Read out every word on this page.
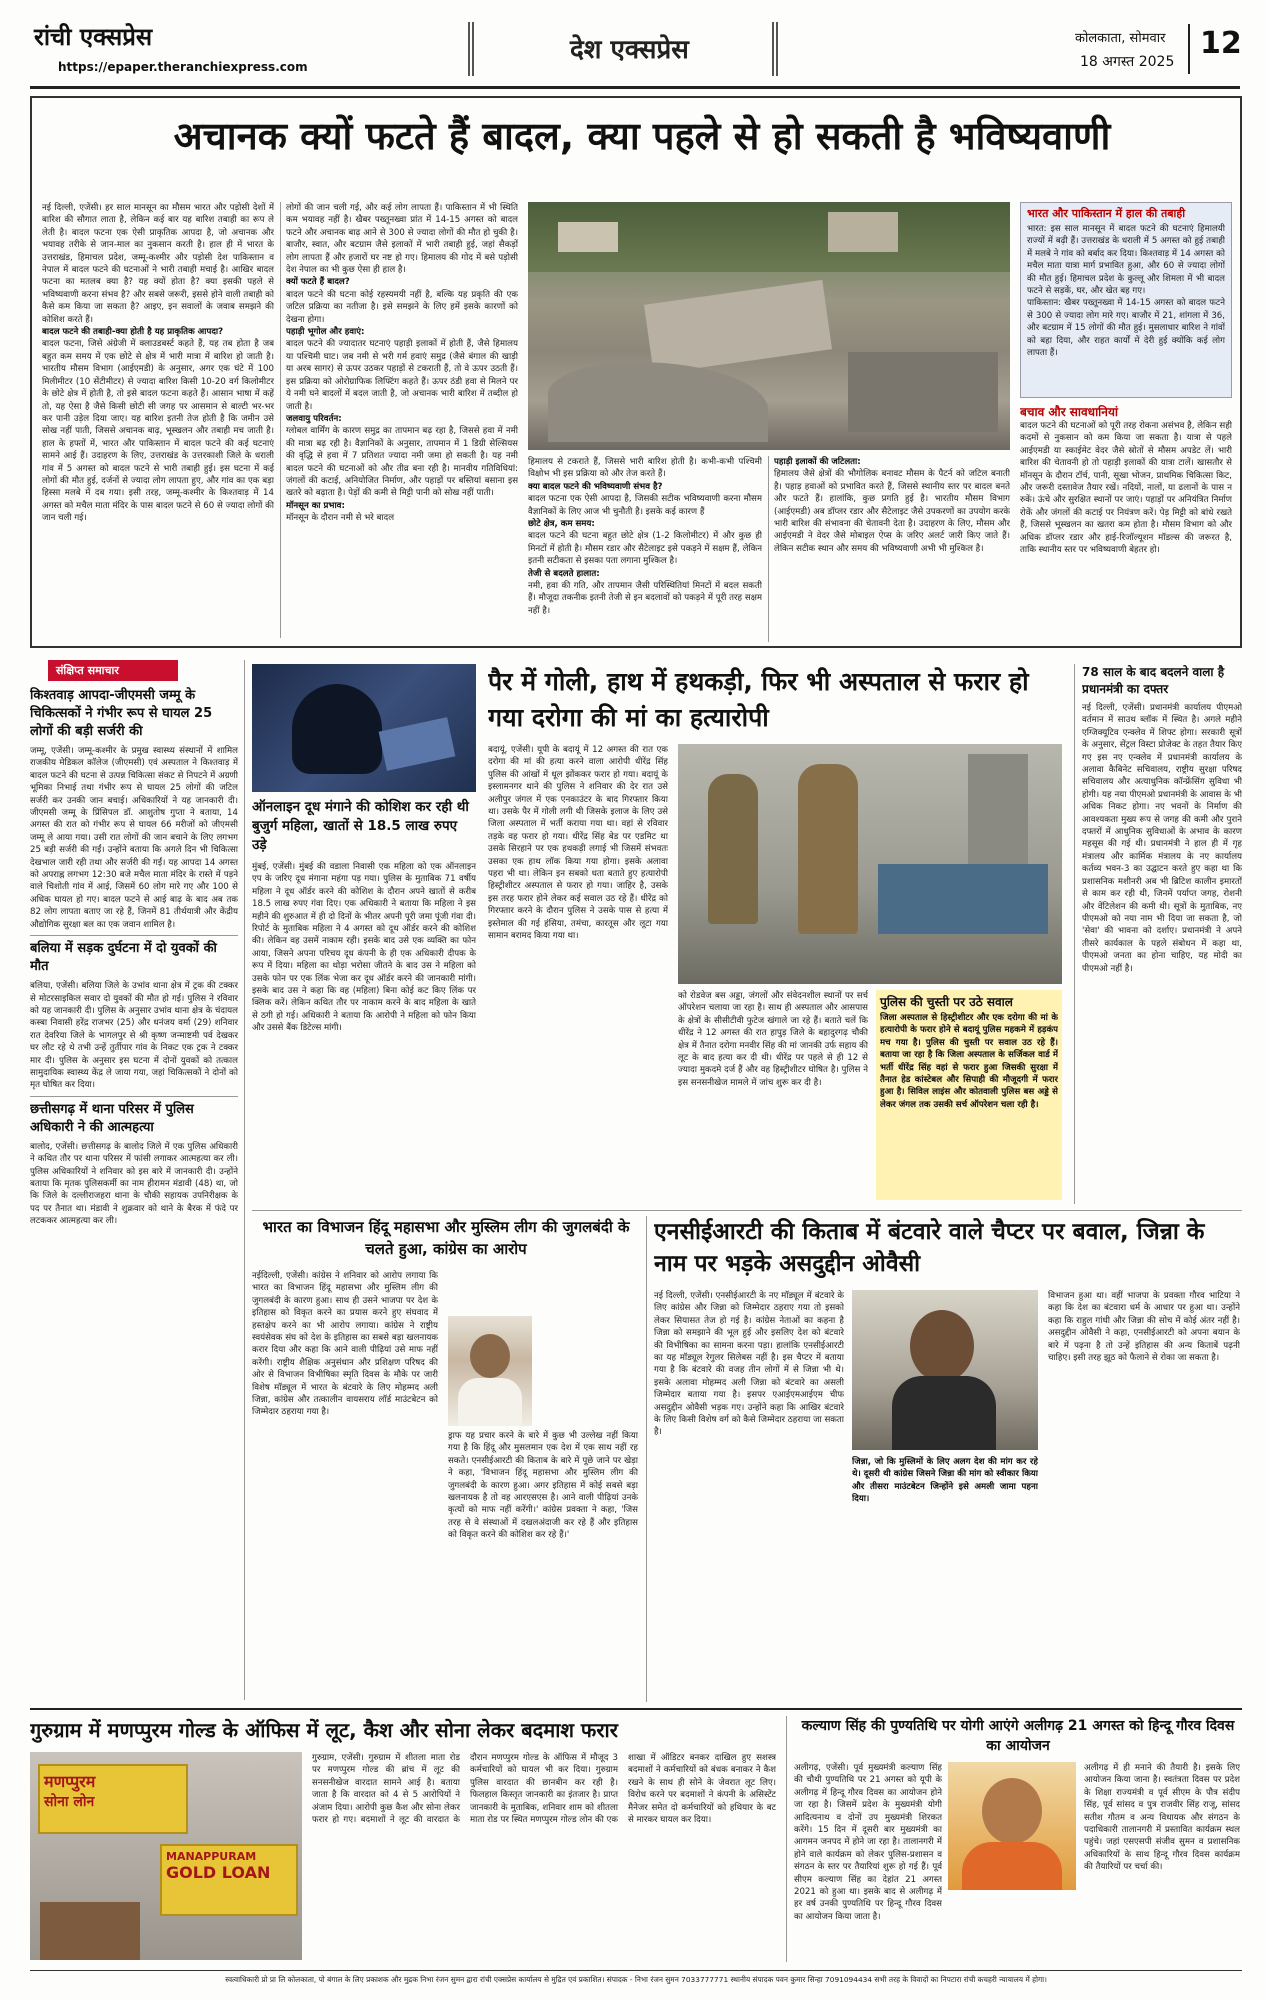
रांची एक्सप्रेस
https://epaper.theranchiexpress.com
देश एक्सप्रेस	कोलकाता, सोमवार
18 अगस्त 2025
12
अचानक क्यों फटते हैं बादल, क्या पहले से हो सकती है भविष्यवाणी
नई दिल्ली, एजेंसी। हर साल मानसून का मौसम भारत और पड़ोसी देशों में बारिश की सौगात लाता है, लेकिन कई बार यह बारिश तबाही का रूप ले लेती है। बादल फटना एक ऐसी प्राकृतिक आपदा है, जो अचानक और भयावह तरीके से जान-माल का नुकसान करती है। हाल ही में भारत के उत्तराखंड, हिमाचल प्रदेश, जम्मू-कश्मीर और पड़ोसी देश पाकिस्तान व नेपाल में बादल फटने की घटनाओं ने भारी तबाही मचाई है। आखिर बादल फटना का मतलब क्या है? यह क्यों होता है? क्या इसकी पहले से भविष्यवाणी करना संभव है? और सबसे जरूरी, इससे होने वाली तबाही को कैसे कम किया जा सकता है? आइए, इन सवालों के जवाब समझने की कोशिश करते हैं।
बादल फटने की तबाही-क्या होती है यह प्राकृतिक आपदा?
बादल फटना, जिसे अंग्रेजी में क्लाउडबर्स्ट कहते हैं, यह तब होता है जब बहुत कम समय में एक छोटे से क्षेत्र में भारी मात्रा में बारिश हो जाती है। भारतीय मौसम विभाग (आईएमडी) के अनुसार, अगर एक घंटे में 100 मिलीमीटर (10 सेंटीमीटर) से ज्यादा बारिश किसी 10-20 वर्ग किलोमीटर के छोटे क्षेत्र में होती है, तो इसे बादल फटना कहते हैं। आसान भाषा में कहें तो, यह ऐसा है जैसे किसी छोटी सी जगह पर आसमान से बाल्टी भर-भर कर पानी उड़ेल दिया जाए। यह बारिश इतनी तेज होती है कि जमीन उसे सोख नहीं पाती, जिससे अचानक बाढ़, भूस्खलन और तबाही मच जाती है। हाल के हफ्तों में, भारत और पाकिस्तान में बादल फटने की कई घटनाएं सामने आई हैं। उदाहरण के लिए, उत्तराखंड के उत्तरकाशी जिले के धराली गांव में 5 अगस्त को बादल फटने से भारी तबाही हुई। इस घटना में कई लोगों की मौत हुई, दर्जनों से ज्यादा लोग लापता हुए, और गांव का एक बड़ा हिस्सा मलबे में दब गया। इसी तरह, जम्मू-कश्मीर के किश्तवाड़ में 14 अगस्त को मचैल माता मंदिर के पास बादल फटने से 60 से ज्यादा लोगों की जान चली गई।
लोगों की जान चली गई, और कई लोग लापता हैं। पाकिस्तान में भी स्थिति कम भयावह नहीं है। खैबर पख्तूनख्वा प्रांत में 14-15 अगस्त को बादल फटने और अचानक बाढ़ आने से 300 से ज्यादा लोगों की मौत हो चुकी है। बाजौर, स्वात, और बटग्राम जैसे इलाकों में भारी तबाही हुई, जहां सैकड़ों लोग लापता हैं और हजारों घर नष्ट हो गए। हिमालय की गोद में बसे पड़ोसी देश नेपाल का भी कुछ ऐसा ही हाल है।
क्यों फटते हैं बादल?
बादल फटने की घटना कोई रहस्यमयी नहीं है, बल्कि यह प्रकृति की एक जटिल प्रक्रिया का नतीजा है। इसे समझने के लिए हमें इसके कारणों को देखना होगा।
पहाड़ी भूगोल और हवाएं:
बादल फटने की ज्यादातर घटनाएं पहाड़ी इलाकों में होती हैं, जैसे हिमालय या पश्चिमी घाट। जब नमी से भरी गर्म हवाएं समुद्र (जैसे बंगाल की खाड़ी या अरब सागर) से ऊपर उठकर पहाड़ों से टकराती हैं, तो वे ऊपर उठती हैं। इस प्रक्रिया को ओरोग्राफिक लिफ्टिंग कहते हैं। ऊपर ठंडी हवा से मिलने पर ये नमी घने बादलों में बदल जाती है, जो अचानक भारी बारिश में तब्दील हो जाती है।
जलवायु परिवर्तन:
ग्लोबल वार्मिंग के कारण समुद्र का तापमान बढ़ रहा है, जिससे हवा में नमी की मात्रा बढ़ रही है। वैज्ञानिकों के अनुसार, तापमान में 1 डिग्री सेल्सियस की वृद्धि से हवा में 7 प्रतिशत ज्यादा नमी जमा हो सकती है। यह नमी बादल फटने की घटनाओं को और तीव्र बना रही है। मानवीय गतिविधियां: जंगलों की कटाई, अनियोजित निर्माण, और पहाड़ों पर बस्तियां बसाना इस खतरे को बढ़ाता है। पेड़ों की कमी से मिट्टी पानी को सोख नहीं पाती।
मॉनसून का प्रभाव:
मॉनसून के दौरान नमी से भरे बादल
हिमालय से टकराते हैं, जिससे भारी बारिश होती है। कभी-कभी पश्चिमी विक्षोभ भी इस प्रक्रिया को और तेज करते हैं।
क्या बादल फटने की भविष्यवाणी संभव है?
बादल फटना एक ऐसी आपदा है, जिसकी सटीक भविष्यवाणी करना मौसम वैज्ञानिकों के लिए आज भी चुनौती है। इसके कई कारण हैं
छोटे क्षेत्र, कम समय:
बादल फटने की घटना बहुत छोटे क्षेत्र (1-2 किलोमीटर) में और कुछ ही मिनटों में होती है। मौसम रडार और सैटेलाइट इसे पकड़ने में सक्षम हैं, लेकिन इतनी सटीकता से इसका पता लगाना मुश्किल है।
तेजी से बदलते हालात:
नमी, हवा की गति, और तापमान जैसी परिस्थितियां मिनटों में बदल सकती हैं। मौजूदा तकनीक इतनी तेजी से इन बदलावों को पकड़ने में पूरी तरह सक्षम नहीं है।
पहाड़ी इलाकों की जटिलता:
हिमालय जैसे क्षेत्रों की भौगोलिक बनावट मौसम के पैटर्न को जटिल बनाती है। पहाड़ हवाओं को प्रभावित करते हैं, जिससे स्थानीय स्तर पर बादल बनते और फटते हैं। हालांकि, कुछ प्रगति हुई है। भारतीय मौसम विभाग (आईएमडी) अब डॉप्लर रडार और सैटेलाइट जैसे उपकरणों का उपयोग करके भारी बारिश की संभावना की चेतावनी देता है। उदाहरण के लिए, मौसम और आईएमडी ने वेदर जैसे मोबाइल ऐप्स के जरिए अलर्ट जारी किए जाते हैं। लेकिन सटीक स्थान और समय की भविष्यवाणी अभी भी मुश्किल है।
भारत और पाकिस्तान में हाल की तबाही
भारत: इस साल मानसून में बादल फटने की घटनाएं हिमालयी राज्यों में बढ़ी हैं। उत्तराखंड के धराली में 5 अगस्त को हुई तबाही में मलबे ने गांव को बर्बाद कर दिया। किश्तवाड़ में 14 अगस्त को मचैल माता यात्रा मार्ग प्रभावित हुआ, और 60 से ज्यादा लोगों की मौत हुई। हिमाचल प्रदेश के कुल्लू और शिमला में भी बादल फटने से सड़कें, घर, और खेत बह गए।
पाकिस्तान: खैबर पख्तूनख्वा में 14-15 अगस्त को बादल फटने से 300 से ज्यादा लोग मारे गए। बाजौर में 21, शांगला में 36, और बटग्राम में 15 लोगों की मौत हुई। मुसलाधार बारिश ने गांवों को बहा दिया, और राहत कार्यों में देरी हुई क्योंकि कई लोग लापता हैं।
बचाव और सावधानियां
बादल फटने की घटनाओं को पूरी तरह रोकना असंभव है, लेकिन सही कदमों से नुकसान को कम किया जा सकता है। यात्रा से पहले आईएमडी या स्काईमेट वेदर जैसे स्रोतों से मौसम अपडेट लें। भारी बारिश की चेतावनी हो तो पहाड़ी इलाकों की यात्रा टालें। खासतौर से मॉनसून के दौरान टॉर्च, पानी, सूखा भोजन, प्राथमिक चिकित्सा किट, और जरूरी दस्तावेज तैयार रखें। नदियों, नालों, या ढलानों के पास न रुकें। ऊंचे और सुरक्षित स्थानों पर जाएं। पहाड़ों पर अनियंत्रित निर्माण रोकें और जंगलों की कटाई पर नियंत्रण करें। पेड़ मिट्टी को बांधे रखते हैं, जिससे भूस्खलन का खतरा कम होता है। मौसम विभाग को और अधिक डॉप्लर रडार और हाई-रिजॉल्यूशन मॉडल्स की जरूरत है, ताकि स्थानीय स्तर पर भविष्यवाणी बेहतर हो।
संक्षिप्त समाचार
किश्तवाड़ आपदा-जीएमसी जम्मू के चिकित्सकों ने गंभीर रूप से घायल 25 लोगों की बड़ी सर्जरी की
जम्मू, एजेंसी। जम्मू-कश्मीर के प्रमुख स्वास्थ्य संस्थानों में शामिल राजकीय मेडिकल कॉलेज (जीएमसी) एवं अस्पताल ने किश्तवाड़ में बादल फटने की घटना से उत्पन्न चिकित्सा संकट से निपटने में अग्रणी भूमिका निभाई तथा गंभीर रूप से घायल 25 लोगों की जटिल सर्जरी कर उनकी जान बचाई। अधिकारियों ने यह जानकारी दी। जीएमसी जम्मू के प्रिंसिपल डॉ. आशुतोष गुप्ता ने बताया, 14 अगस्त की रात को गंभीर रूप से घायल 66 मरीजों को जीएमसी जम्मू ले आया गया। उसी रात लोगों की जान बचाने के लिए लगभग 25 बड़ी सर्जरी की गईं। उन्होंने बताया कि अगले दिन भी चिकित्सा देखभाल जारी रही तथा और सर्जरी की गईं। यह आपदा 14 अगस्त को अपराह्न लगभग 12:30 बजे मचैल माता मंदिर के रास्ते में पड़ने वाले चिशोती गांव में आई, जिसमें 60 लोग मारे गए और 100 से अधिक घायल हो गए। बादल फटने से आई बाढ़ के बाद अब तक 82 लोग लापता बताए जा रहे हैं, जिनमें 81 तीर्थयात्री और केंद्रीय औद्योगिक सुरक्षा बल का एक जवान शामिल है।
बलिया में सड़क दुर्घटना में दो युवकों की मौत
बलिया, एजेंसी। बलिया जिले के उभांव थाना क्षेत्र में ट्रक की टक्कर से मोटरसाइकिल सवार दो युवकों की मौत हो गई। पुलिस ने रविवार को यह जानकारी दी। पुलिस के अनुसार उभांव थाना क्षेत्र के चंदायल कस्बा निवासी हरेंद्र राजभर (25) और धनंजय वर्मा (29) शनिवार रात देवरिया जिले के भागलपुर से श्री कृष्ण जन्माष्टमी पर्व देखकर घर लौट रहे थे तभी उन्हें तुर्तीपार गांव के निकट एक ट्रक ने टक्कर मार दी। पुलिस के अनुसार इस घटना में दोनों युवकों को तत्काल सामुदायिक स्वास्थ्य केंद्र ले जाया गया, जहां चिकित्सकों ने दोनों को मृत घोषित कर दिया।
छत्तीसगढ़ में थाना परिसर में पुलिस अधिकारी ने की आत्महत्या
बालोद, एजेंसी। छत्तीसगढ़ के बालोद जिले में एक पुलिस अधिकारी ने कथित तौर पर थाना परिसर में फांसी लगाकर आत्महत्या कर ली। पुलिस अधिकारियों ने शनिवार को इस बारे में जानकारी दी। उन्होंने बताया कि मृतक पुलिसकर्मी का नाम हीरामन मंडावी (48) था, जो कि जिले के दल्लीराजहरा थाना के चौकी सहायक उपनिरीक्षक के पद पर तैनात था। मंडावी ने शुक्रवार को थाने के बैरक में फंदे पर लटककर आत्महत्या कर ली।
ऑनलाइन दूध मंगाने की कोशिश कर रही थी बुजुर्ग महिला, खातों से 18.5 लाख रुपए उड़े
मुंबई, एजेंसी। मुंबई की वडाला निवासी एक महिला को एक ऑनलाइन एप के जरिए दूध मंगाना महंगा पड़ गया। पुलिस के मुताबिक 71 वर्षीय महिला ने दूध ऑर्डर करने की कोशिश के दौरान अपने खातों से करीब 18.5 लाख रुपए गंवा दिए। एक अधिकारी ने बताया कि महिला ने इस महीने की शुरुआत में ही दो दिनों के भीतर अपनी पूरी जमा पूंजी गंवा दी। रिपोर्ट के मुताबिक महिला ने 4 अगस्त को दूध ऑर्डर करने की कोशिश की। लेकिन वह उसमें नाकाम रही। इसके बाद उसे एक व्यक्ति का फोन आया, जिसने अपना परिचय दूध कंपनी के ही एक अधिकारी दीपक के रूप में दिया। महिला का थोड़ा भरोसा जीतने के बाद उस ने महिला को उसके फोन पर एक लिंक भेजा कर दूध ऑर्डर करने की जानकारी मांगी। इसके बाद उस ने कहा कि वह (महिला) बिना कोई कट किए लिंक पर क्लिक करें। लेकिन कथित तौर पर नाकाम करने के बाद महिला के खाते से ठगी हो गई। अधिकारी ने बताया कि आरोपी ने महिला को फोन किया और उससे बैंक डिटेल्स मांगी।
पैर में गोली, हाथ में हथकड़ी, फिर भी अस्पताल से फरार हो गया दरोगा की मां का हत्यारोपी
बदायूं, एजेंसी। यूपी के बदायूं में 12 अगस्त की रात एक दरोगा की मां की हत्या करने वाला आरोपी धीरेंद्र सिंह पुलिस की आंखों में धूल झोंककर फरार हो गया। बदायूं के इस्लामनगर थाने की पुलिस ने शनिवार की देर रात उसे अलीपुर जंगल में एक एनकाउंटर के बाद गिरफ्तार किया था। उसके पैर में गोली लगी थी जिसके इलाज के लिए उसे जिला अस्पताल में भर्ती कराया गया था। वहां से रविवार तड़के वह फरार हो गया। धीरेंद्र सिंह बेड पर एडमिट था उसके सिरहाने पर एक हथकड़ी लगाई भी जिसमें संभवतः उसका एक हाथ लॉक किया गया होगा। इसके अलावा पहरा भी था। लेकिन इन सबको धता बताते हुए हत्यारोपी हिस्ट्रीशीटर अस्पताल से फरार हो गया। जाहिर है, उसके इस तरह फरार होने लेकर कई सवाल उठ रहे हैं। धीरेंद्र को गिरफ्तार करने के दौरान पुलिस ने उसके पास से हत्या में इस्तेमाल की गई हंसिया, तमंचा, कारतूस और लूटा गया सामान बरामद किया गया था।
को रोडवेज बस अड्डा, जंगलों और संवेदनशील स्थानों पर सर्च ऑपरेशन चलाया जा रहा है। साथ ही अस्पताल और आसपास के क्षेत्रों के सीसीटीवी फुटेज खंगाले जा रहे हैं। बताते चलें कि धीरेंद्र ने 12 अगस्त की रात हापुड़ जिले के बहादुरगढ़ चौकी क्षेत्र में तैनात दरोगा मनवीर सिंह की मां जानकी उर्फ सहाय की लूट के बाद हत्या कर दी थी। धीरेंद्र पर पहले से ही 12 से ज्यादा मुकदमे दर्ज हैं और वह हिस्ट्रीशीटर घोषित है। पुलिस ने इस सनसनीखेज मामले में जांच शुरू कर दी है।
पुलिस की चुस्ती पर उठे सवाल
जिला अस्पताल से हिस्ट्रीशीटर और एक दरोगा की मां के हत्यारोपी के फरार होने से बदायूं पुलिस महकमे में हड़कंप मच गया है। पुलिस की चुस्ती पर सवाल उठ रहे हैं। बताया जा रहा है कि जिला अस्पताल के सर्जिकल वार्ड में भर्ती धीरेंद्र सिंह वहां से फरार हुआ जिसकी सुरक्षा में तैनात हेड कांस्टेबल और सिपाही की मौजूदगी में फरार हुआ है। सिविल लाइंस और कोतवाली पुलिस बस अड्डे से लेकर जंगल तक उसकी सर्च ऑपरेशन चला रही है।
78 साल के बाद बदलने वाला है प्रधानमंत्री का दफ्तर
नई दिल्ली, एजेंसी। प्रधानमंत्री कार्यालय पीएमओ वर्तमान में साउथ ब्लॉक में स्थित है। अगले महीने एग्जिक्यूटिव एन्क्लेव में शिफ्ट होगा। सरकारी सूत्रों के अनुसार, सेंट्रल विस्टा प्रोजेक्ट के तहत तैयार किए गए इस नए एन्क्लेव में प्रधानमंत्री कार्यालय के अलावा कैबिनेट सचिवालय, राष्ट्रीय सुरक्षा परिषद सचिवालय और अत्याधुनिक कॉन्फ्रेंसिंग सुविधा भी होगी। यह नया पीएमओ प्रधानमंत्री के आवास के भी अधिक निकट होगा। नए भवनों के निर्माण की आवश्यकता मुख्य रूप से जगह की कमी और पुराने दफ्तरों में आधुनिक सुविधाओं के अभाव के कारण महसूस की गई थी। प्रधानमंत्री ने हाल ही में गृह मंत्रालय और कार्मिक मंत्रालय के नए कार्यालय कर्तव्य भवन-3 का उद्घाटन करते हुए कहा था कि प्रशासनिक मशीनरी अब भी ब्रिटिश कालीन इमारतों से काम कर रही थी, जिनमें पर्याप्त जगह, रोशनी और वेंटिलेशन की कमी थी। सूत्रों के मुताबिक, नए पीएमओ को नया नाम भी दिया जा सकता है, जो 'सेवा' की भावना को दर्शाए। प्रधानमंत्री ने अपने तीसरे कार्यकाल के पहले संबोधन में कहा था, पीएमओ जनता का होना चाहिए, यह मोदी का पीएमओ नहीं है।
भारत का विभाजन हिंदू महासभा और मुस्लिम लीग की जुगलबंदी के चलते हुआ, कांग्रेस का आरोप
नईदिल्ली, एजेंसी। कांग्रेस ने शनिवार को आरोप लगाया कि भारत का विभाजन हिंदू महासभा और मुस्लिम लीग की जुगलबंदी के कारण हुआ। साथ ही उसने भाजपा पर देश के इतिहास को विकृत करने का प्रयास करने हुए संघवाद में हस्तक्षेप करने का भी आरोप लगाया। कांग्रेस ने राष्ट्रीय स्वयंसेवक संघ को देश के इतिहास का सबसे बड़ा खलनायक करार दिया और कहा कि आने वाली पीढ़ियां उसे माफ नहीं करेंगी। राष्ट्रीय शैक्षिक अनुसंधान और प्रशिक्षण परिषद की ओर से विभाजन विभीषिका स्मृति दिवस के मौके पर जारी विशेष मॉड्यूल में भारत के बंटवारे के लिए मोहम्मद अली जिन्ना, कांग्रेस और तत्कालीन वायसराय लॉर्ड माउंटबेटन को जिम्मेदार ठहराया गया है।
ड्राफ यह प्रचार करने के बारे में कुछ भी उल्लेख नहीं किया गया है कि हिंदू और मुसलमान एक देश में एक साथ नहीं रह सकते। एनसीईआरटी की किताब के बारे में पूछे जाने पर खेड़ा ने कहा, 'विभाजन हिंदू महासभा और मुस्लिम लीग की जुगलबंदी के कारण हुआ। अगर इतिहास में कोई सबसे बड़ा खलनायक है तो वह आरएसएस है। आने वाली पीढ़ियां उनके कृत्यों को माफ नहीं करेंगी।' कांग्रेस प्रवक्ता ने कहा, 'जिस तरह से वे संस्थाओं में दखलअंदाजी कर रहे हैं और इतिहास को विकृत करने की कोशिश कर रहे हैं।'
एनसीईआरटी की किताब में बंटवारे वाले चैप्टर पर बवाल, जिन्ना के नाम पर भड़के असदुद्दीन ओवैसी
नई दिल्ली, एजेंसी। एनसीईआरटी के नए मॉड्यूल में बंटवारे के लिए कांग्रेस और जिन्ना को जिम्मेदार ठहराए गया तो इसको लेकर सियासत तेज हो गई है। कांग्रेस नेताओं का कहना है जिन्ना को समझाने की भूल हुई और इसलिए देश को बंटवारे की विभीषिका का सामना करना पड़ा। हालांकि एनसीईआरटी का यह मॉड्यूल रेगुलर सिलेबस नहीं है। इस चैप्टर में बताया गया है कि बंटवारे की वजह तीन लोगों में से जिन्ना भी थे। इसके अलावा मोहम्मद अली जिन्ना को बंटवारे का असली जिम्मेदार बताया गया है। इसपर एआईएमआईएम चीफ असदुद्दीन ओवैसी भड़क गए। उन्होंने कहा कि आखिर बंटवारे के लिए किसी विशेष वर्ग को कैसे जिम्मेदार ठहराया जा सकता है।
जिन्ना, जो कि मुस्लिमों के लिए अलग देश की मांग कर रहे थे। दूसरी थी कांग्रेस जिसने जिन्ना की मांग को स्वीकार किया और तीसरा माउंटबेटन जिन्होंने इसे अमली जामा पहना दिया।
विभाजन हुआ था। वहीं भाजपा के प्रवक्ता गौरव भाटिया ने कहा कि देश का बंटवारा धर्म के आधार पर हुआ था। उन्होंने कहा कि राहुल गांधी और जिन्ना की सोच में कोई अंतर नहीं है। असदुद्दीन ओवैसी ने कहा, एनसीईआरटी को अपना बयान के बारे में पढ़ना है तो उन्हें इतिहास की अन्य किताबें पढ़नी चाहिए। इसी तरह झूठ को फैलाने से रोका जा सकता है।
गुरुग्राम में मणप्पुरम गोल्ड के ऑफिस में लूट, कैश और सोना लेकर बदमाश फरार
मणप्पुरम
सोना लोन
MANAPPURAM
GOLD LOAN
गुरुग्राम, एजेंसी। गुरुग्राम में शीतला माता रोड पर मणप्पुरम गोल्ड की ब्रांच में लूट की सनसनीखेज वारदात सामने आई है। बताया जाता है कि वारदात को 4 से 5 आरोपियों ने अंजाम दिया। आरोपी कुछ कैश और सोना लेकर फरार हो गए। बदमाशों ने लूट की वारदात के दौरान मणप्पुरम गोल्ड के ऑफिस में मौजूद 3 कर्मचारियों को घायल भी कर दिया। गुरुग्राम पुलिस वारदात की छानबीन कर रही है। फिलहाल किस्तृत जानकारी का इंतजार है। प्राप्त जानकारी के मुताबिक, शनिवार शाम को शीतला माता रोड पर स्थित मणप्पुरम गोल्ड लोन की एक शाखा में ऑडिटर बनकर दाखिल हुए सशस्त्र बदमाशों ने कर्मचारियों को बंधक बनाकर ने कैश रखने के साथ ही सोने के जेवरात लूट लिए। विरोध करने पर बदमाशों ने कंपनी के असिस्टेंट मैनेजर समेत दो कर्मचारियों को हथियार के बट से मारकर घायल कर दिया।
कल्याण सिंह की पुण्यतिथि पर योगी आएंगे अलीगढ़ 21 अगस्त को हिन्दू गौरव दिवस का आयोजन
अलीगढ़, एजेंसी। पूर्व मुख्यमंत्री कल्याण सिंह की चौथी पुण्यतिथि पर 21 अगस्त को यूपी के अलीगढ़ में हिन्दू गौरव दिवस का आयोजन होने जा रहा है। जिसमें प्रदेश के मुख्यमंत्री योगी आदित्यनाथ व दोनों उप मुख्यमंत्री शिरकत करेंगे। 15 दिन में दूसरी बार मुख्यमंत्री का आगमन जनपद में होने जा रहा है। तालानगरी में होने वाले कार्यक्रम को लेकर पुलिस-प्रशासन व संगठन के स्तर पर तैयारियां शुरू हो गई हैं। पूर्व सीएम कल्याण सिंह का देहांत 21 अगस्त 2021 को हुआ था। इसके बाद से अलीगढ़ में हर वर्ष उनकी पुण्यतिथि पर हिन्दू गौरव दिवस का आयोजन किया जाता है।
अलीगढ़ में ही मनाने की तैयारी है। इसके लिए आयोजन किया जाना है। स्वतंत्रता दिवस पर प्रदेश के शिक्षा राज्यमंत्री व पूर्व सीएम के पौत्र संदीप सिंह, पूर्व सांसद व पुत्र राजवीर सिंह राजू, सांसद सतीश गौतम व अन्य विधायक और संगठन के पदाधिकारी तालानगरी में प्रस्तावित कार्यक्रम स्थल पहुंचे। जहां एसएसपी संजीव सुमन व प्रशासनिक अधिकारियों के साथ हिन्दू गौरव दिवस कार्यक्रम की तैयारियों पर चर्चा की।
स्वत्वाधिकारी प्रो प्रा लि कोलकाता, पो बंगाल के लिए प्रकाशक और मुद्रक निभा रंजन सुमन द्वारा रांची एक्सप्रेस कार्यालय से मुद्रित एवं प्रकाशित। संपादक - निभा रंजन सुमन 7033777771 स्थानीय संपादक पवन कुमार सिन्हा 7091094434 सभी तरह के विवादों का निपटारा रांची कचहरी न्यायालय में होगा।
